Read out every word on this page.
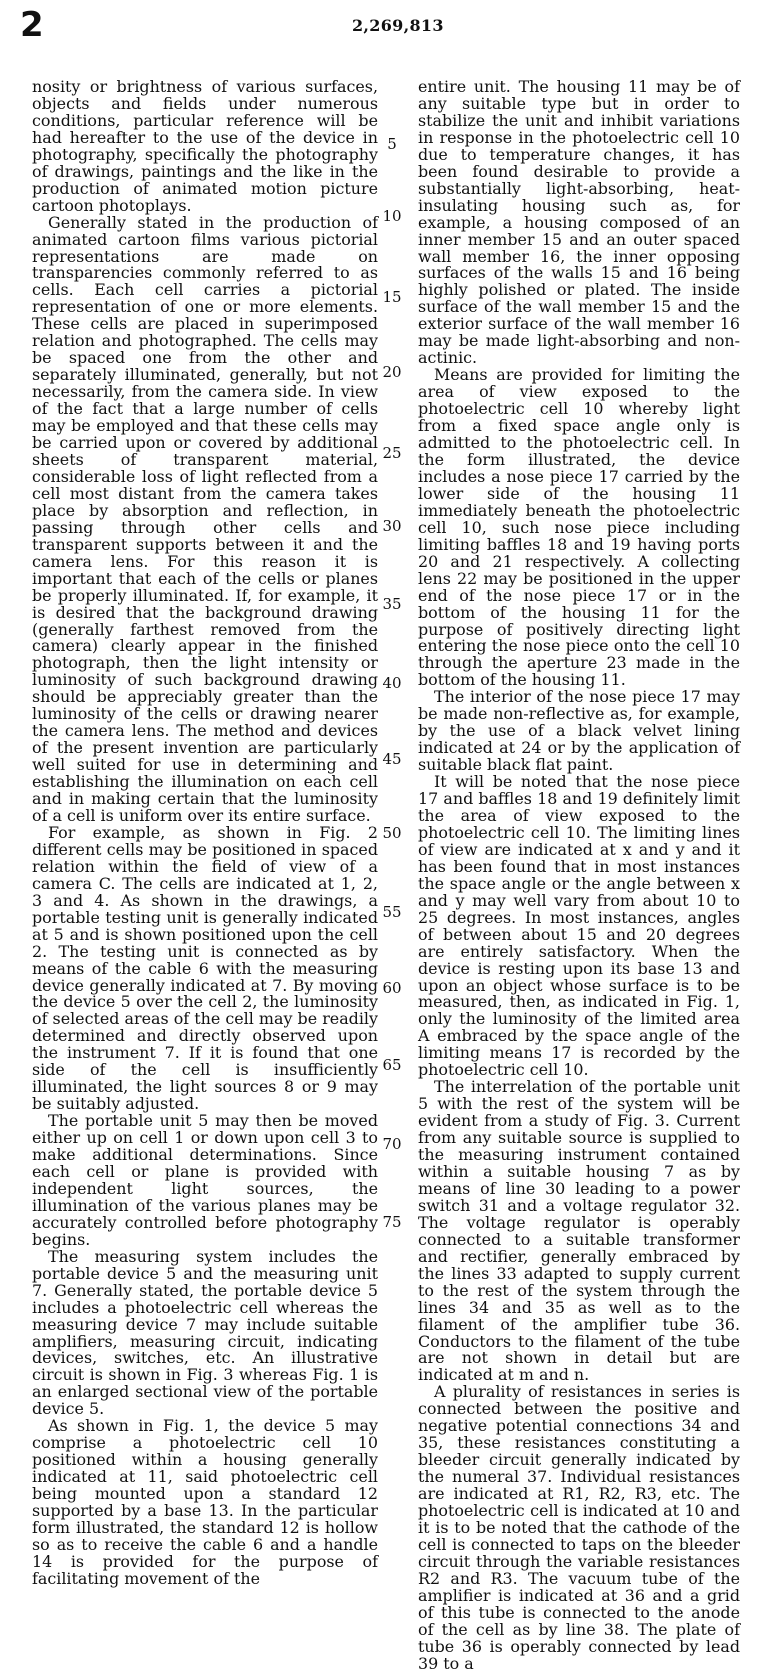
2	2,269,813

nosity or brightness of various surfaces, objects and fields under numerous conditions, particular reference will be had hereafter to the use of the device in photography, specifically the photography of drawings, paintings and the like in the production of animated motion picture cartoon photoplays.

Generally stated in the production of animated cartoon films various pictorial representations are made on transparencies commonly referred to as cells. Each cell carries a pictorial representation of one or more elements. These cells are placed in superimposed relation and photographed. The cells may be spaced one from the other and separately illuminated, generally, but not necessarily, from the camera side. In view of the fact that a large number of cells may be employed and that these cells may be carried upon or covered by additional sheets of transparent material, considerable loss of light reflected from a cell most distant from the camera takes place by absorption and reflection, in passing through other cells and transparent supports between it and the camera lens. For this reason it is important that each of the cells or planes be properly illuminated. If, for example, it is desired that the background drawing (generally farthest removed from the camera) clearly appear in the finished photograph, then the light intensity or luminosity of such background drawing should be appreciably greater than the luminosity of the cells or drawing nearer the camera lens. The method and devices of the present invention are particularly well suited for use in determining and establishing the illumination on each cell and in making certain that the luminosity of a cell is uniform over its entire surface.

For example, as shown in Fig. 2 different cells may be positioned in spaced relation within the field of view of a camera C. The cells are indicated at 1, 2, 3 and 4. As shown in the drawings, a portable testing unit is generally indicated at 5 and is shown positioned upon the cell 2. The testing unit is connected as by means of the cable 6 with the measuring device generally indicated at 7. By moving the device 5 over the cell 2, the luminosity of selected areas of the cell may be readily determined and directly observed upon the instrument 7. If it is found that one side of the cell is insufficiently illuminated, the light sources 8 or 9 may be suitably adjusted.

The portable unit 5 may then be moved either up on cell 1 or down upon cell 3 to make additional determinations. Since each cell or plane is provided with independent light sources, the illumination of the various planes may be accurately controlled before photography begins.

The measuring system includes the portable device 5 and the measuring unit 7. Generally stated, the portable device 5 includes a photoelectric cell whereas the measuring device 7 may include suitable amplifiers, measuring circuit, indicating devices, switches, etc. An illustrative circuit is shown in Fig. 3 whereas Fig. 1 is an enlarged sectional view of the portable device 5.

As shown in Fig. 1, the device 5 may comprise a photoelectric cell 10 positioned within a housing generally indicated at 11, said photoelectric cell being mounted upon a standard 12 supported by a base 13. In the particular form illustrated, the standard 12 is hollow so as to receive the cable 6 and a handle 14 is provided for the purpose of facilitating movement of the

5
10
15
20
25
30
35
40
45
50
55
60
65
70
75

entire unit. The housing 11 may be of any suitable type but in order to stabilize the unit and inhibit variations in response in the photoelectric cell 10 due to temperature changes, it has been found desirable to provide a substantially light-absorbing, heat-insulating housing such as, for example, a housing composed of an inner member 15 and an outer spaced wall member 16, the inner opposing surfaces of the walls 15 and 16 being highly polished or plated. The inside surface of the wall member 15 and the exterior surface of the wall member 16 may be made light-absorbing and non-actinic.

Means are provided for limiting the area of view exposed to the photoelectric cell 10 whereby light from a fixed space angle only is admitted to the photoelectric cell. In the form illustrated, the device includes a nose piece 17 carried by the lower side of the housing 11 immediately beneath the photoelectric cell 10, such nose piece including limiting baffles 18 and 19 having ports 20 and 21 respectively. A collecting lens 22 may be positioned in the upper end of the nose piece 17 or in the bottom of the housing 11 for the purpose of positively directing light entering the nose piece onto the cell 10 through the aperture 23 made in the bottom of the housing 11.

The interior of the nose piece 17 may be made non-reflective as, for example, by the use of a black velvet lining indicated at 24 or by the application of suitable black flat paint.

It will be noted that the nose piece 17 and baffles 18 and 19 definitely limit the area of view exposed to the photoelectric cell 10. The limiting lines of view are indicated at x and y and it has been found that in most instances the space angle or the angle between x and y may well vary from about 10 to 25 degrees. In most instances, angles of between about 15 and 20 degrees are entirely satisfactory. When the device is resting upon its base 13 and upon an object whose surface is to be measured, then, as indicated in Fig. 1, only the luminosity of the limited area A embraced by the space angle of the limiting means 17 is recorded by the photoelectric cell 10.

The interrelation of the portable unit 5 with the rest of the system will be evident from a study of Fig. 3. Current from any suitable source is supplied to the measuring instrument contained within a suitable housing 7 as by means of line 30 leading to a power switch 31 and a voltage regulator 32. The voltage regulator is operably connected to a suitable transformer and rectifier, generally embraced by the lines 33 adapted to supply current to the rest of the system through the lines 34 and 35 as well as to the filament of the amplifier tube 36. Conductors to the filament of the tube are not shown in detail but are indicated at m and n.

A plurality of resistances in series is connected between the positive and negative potential connections 34 and 35, these resistances constituting a bleeder circuit generally indicated by the numeral 37. Individual resistances are indicated at R1, R2, R3, etc. The photoelectric cell is indicated at 10 and it is to be noted that the cathode of the cell is connected to taps on the bleeder circuit through the variable resistances R2 and R3. The vacuum tube of the amplifier is indicated at 36 and a grid of this tube is connected to the anode of the cell as by line 38. The plate of tube 36 is operably connected by lead 39 to a
